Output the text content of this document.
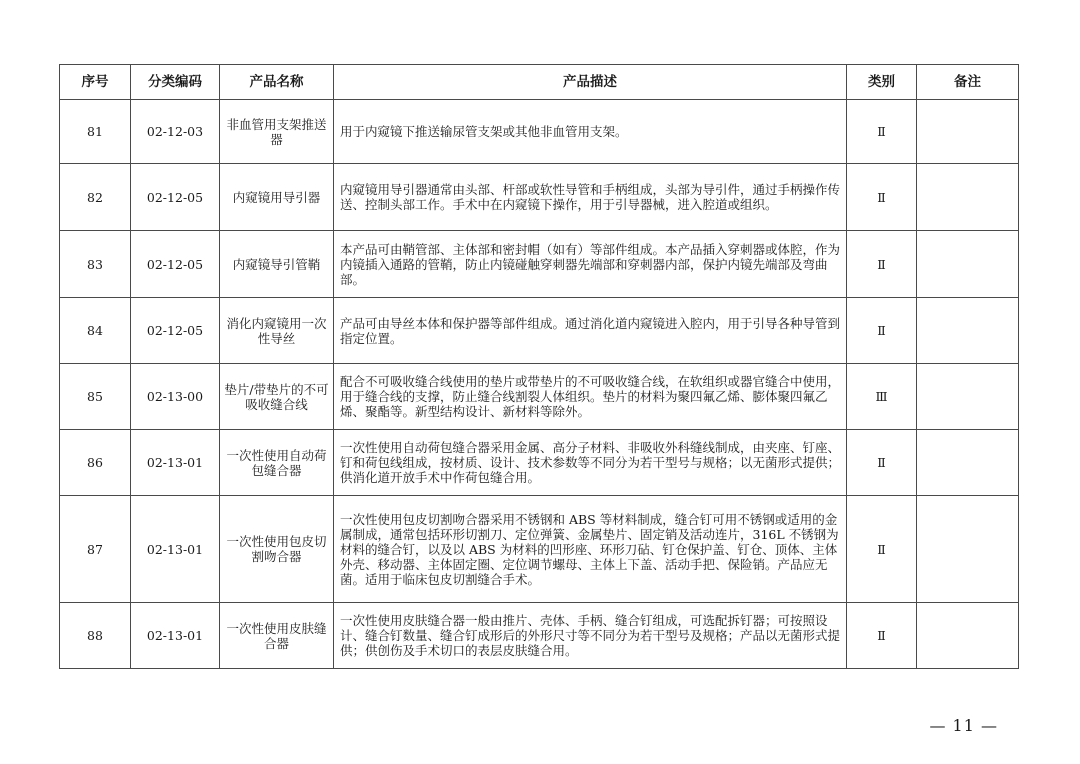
序号	分类编码	产品名称	产品描述	类别	备注
81	02-12-03	非血管用支架推送器	用于内窥镜下推送输尿管支架或其他非血管用支架。	Ⅱ	
82	02-12-05	内窥镜用导引器	内窥镜用导引器通常由头部、杆部或软性导管和手柄组成，头部为导引件，通过手柄操作传送、控制头部工作。手术中在内窥镜下操作，用于引导器械，进入腔道或组织。	Ⅱ	
83	02-12-05	内窥镜导引管鞘	本产品可由鞘管部、主体部和密封帽（如有）等部件组成。本产品插入穿刺器或体腔，作为内镜插入通路的管鞘，防止内镜碰触穿刺器先端部和穿刺器内部，保护内镜先端部及弯曲部。	Ⅱ	
84	02-12-05	消化内窥镜用一次性导丝	产品可由导丝本体和保护器等部件组成。通过消化道内窥镜进入腔内，用于引导各种导管到指定位置。	Ⅱ	
85	02-13-00	垫片/带垫片的不可吸收缝合线	配合不可吸收缝合线使用的垫片或带垫片的不可吸收缝合线，在软组织或器官缝合中使用，用于缝合线的支撑，防止缝合线割裂人体组织。垫片的材料为聚四氟乙烯、膨体聚四氟乙烯、聚酯等。新型结构设计、新材料等除外。	Ⅲ	
86	02-13-01	一次性使用自动荷包缝合器	一次性使用自动荷包缝合器采用金属、高分子材料、非吸收外科缝线制成，由夹座、钉座、钉和荷包线组成，按材质、设计、技术参数等不同分为若干型号与规格；以无菌形式提供；供消化道开放手术中作荷包缝合用。	Ⅱ	
87	02-13-01	一次性使用包皮切割吻合器	一次性使用包皮切割吻合器采用不锈钢和 ABS 等材料制成，缝合钉可用不锈钢或适用的金属制成，通常包括环形切割刀、定位弹簧、金属垫片、固定销及活动连片，316L 不锈钢为材料的缝合钉，以及以 ABS 为材料的凹形座、环形刀砧、钉仓保护盖、钉仓、顶体、主体外壳、移动器、主体固定圈、定位调节螺母、主体上下盖、活动手把、保险销。产品应无菌。适用于临床包皮切割缝合手术。	Ⅱ	
88	02-13-01	一次性使用皮肤缝合器	一次性使用皮肤缝合器一般由推片、壳体、手柄、缝合钉组成，可选配拆钉器；可按照设计、缝合钉数量、缝合钉成形后的外形尺寸等不同分为若干型号及规格；产品以无菌形式提供；供创伤及手术切口的表层皮肤缝合用。	Ⅱ	
— 11 —
